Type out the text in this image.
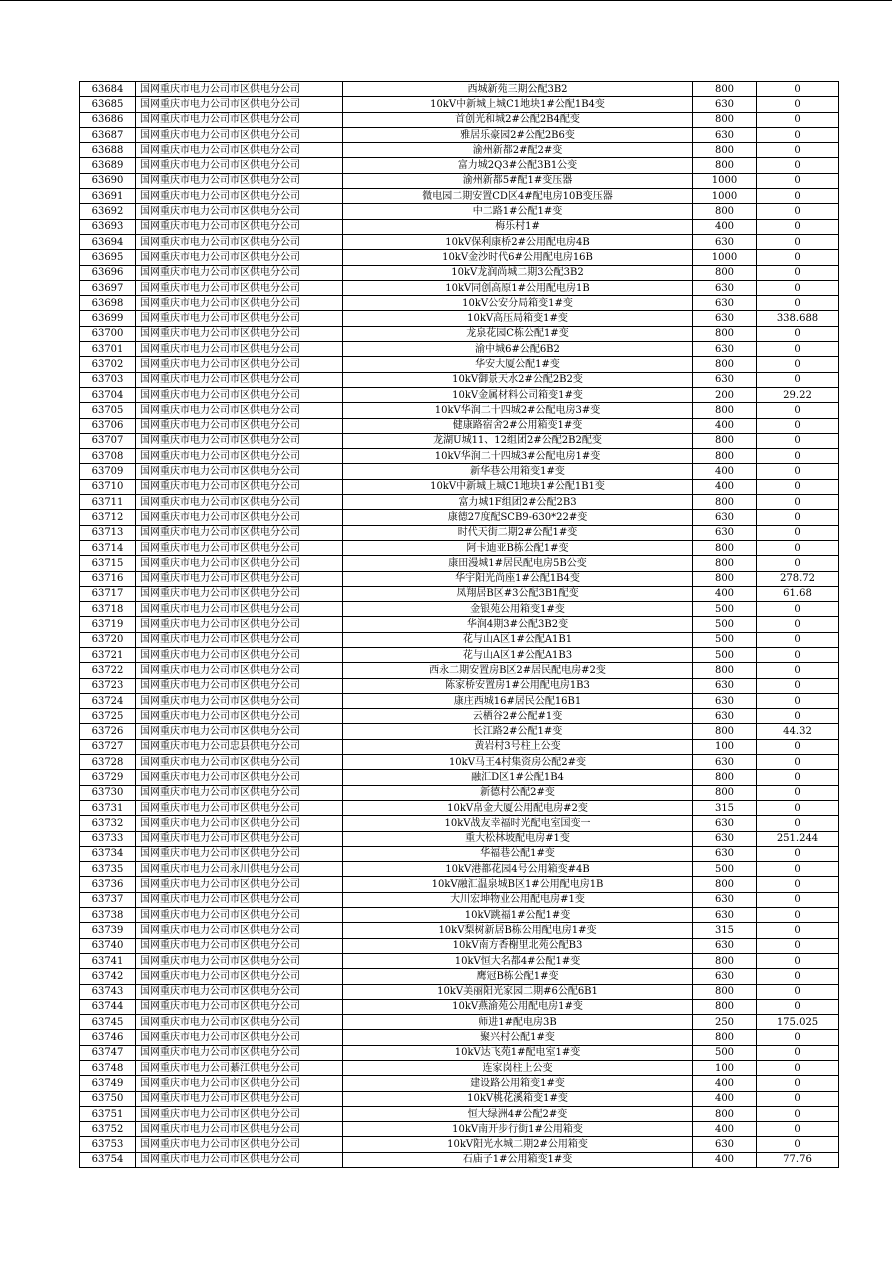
63684	国网重庆市电力公司市区供电分公司	西城新苑三期公配3B2	800	0
63685	国网重庆市电力公司市区供电分公司	10kV中新城上城C1地块1#公配1B4变	630	0
63686	国网重庆市电力公司市区供电分公司	首创光和城2#公配2B4配变	800	0
63687	国网重庆市电力公司市区供电分公司	雅居乐豪园2#公配2B6变	630	0
63688	国网重庆市电力公司市区供电分公司	渝州新都2#配2#变	800	0
63689	国网重庆市电力公司市区供电分公司	富力城2Q3#公配3B1公变	800	0
63690	国网重庆市电力公司市区供电分公司	渝州新都5#配1#变压器	1000	0
63691	国网重庆市电力公司市区供电分公司	微电园二期安置CD区4#配电房10B变压器	1000	0
63692	国网重庆市电力公司市区供电分公司	中二路1#公配1#变	800	0
63693	国网重庆市电力公司市区供电分公司	梅乐村1#	400	0
63694	国网重庆市电力公司市区供电分公司	10kV保利康桥2#公用配电房4B	630	0
63695	国网重庆市电力公司市区供电分公司	10kV金沙时代6#公用配电房16B	1000	0
63696	国网重庆市电力公司市区供电分公司	10kV龙润尚城二期3公配3B2	800	0
63697	国网重庆市电力公司市区供电分公司	10kV同创高原1#公用配电房1B	630	0
63698	国网重庆市电力公司市区供电分公司	10kV公安分局箱变1#变	630	0
63699	国网重庆市电力公司市区供电分公司	10kV高压局箱变1#变	630	338.688
63700	国网重庆市电力公司市区供电分公司	龙泉花园C栋公配1#变	800	0
63701	国网重庆市电力公司市区供电分公司	渝中城6#公配6B2	630	0
63702	国网重庆市电力公司市区供电分公司	华安大厦公配1#变	800	0
63703	国网重庆市电力公司市区供电分公司	10kV御景天水2#公配2B2变	630	0
63704	国网重庆市电力公司市区供电分公司	10kV金属材料公司箱变1#变	200	29.22
63705	国网重庆市电力公司市区供电分公司	10kV华润二十四城2#公配电房3#变	800	0
63706	国网重庆市电力公司市区供电分公司	健康路宿舍2#公用箱变1#变	400	0
63707	国网重庆市电力公司市区供电分公司	龙湖U城11、12组团2#公配2B2配变	800	0
63708	国网重庆市电力公司市区供电分公司	10kV华润二十四城3#公配电房1#变	800	0
63709	国网重庆市电力公司市区供电分公司	新华巷公用箱变1#变	400	0
63710	国网重庆市电力公司市区供电分公司	10kV中新城上城C1地块1#公配1B1变	400	0
63711	国网重庆市电力公司市区供电分公司	富力城1F组团2#公配2B3	800	0
63712	国网重庆市电力公司市区供电分公司	康德27度配SCB9-630*22#变	630	0
63713	国网重庆市电力公司市区供电分公司	时代天街二期2#公配1#变	630	0
63714	国网重庆市电力公司市区供电分公司	阿卡迪亚B栋公配1#变	800	0
63715	国网重庆市电力公司市区供电分公司	康田漫城1#居民配电房5B公变	800	0
63716	国网重庆市电力公司市区供电分公司	华宇阳光尚座1#公配1B4变	800	278.72
63717	国网重庆市电力公司市区供电分公司	凤翔居B区#3公配3B1配变	400	61.68
63718	国网重庆市电力公司市区供电分公司	金银苑公用箱变1#变	500	0
63719	国网重庆市电力公司市区供电分公司	华润4期3#公配3B2变	500	0
63720	国网重庆市电力公司市区供电分公司	花与山A区1#公配A1B1	500	0
63721	国网重庆市电力公司市区供电分公司	花与山A区1#公配A1B3	500	0
63722	国网重庆市电力公司市区供电分公司	西永二期安置房B区2#居民配电房#2变	800	0
63723	国网重庆市电力公司市区供电分公司	陈家桥安置房1#公用配电房1B3	630	0
63724	国网重庆市电力公司市区供电分公司	康庄西城16#居民公配16B1	630	0
63725	国网重庆市电力公司市区供电分公司	云栖谷2#公配#1变	630	0
63726	国网重庆市电力公司市区供电分公司	长江路2#公配1#变	800	44.32
63727	国网重庆市电力公司忠县供电分公司	黄岩村3号柱上公变	100	0
63728	国网重庆市电力公司市区供电分公司	10kV马王4村集资房公配2#变	630	0
63729	国网重庆市电力公司市区供电分公司	融汇D区1#公配1B4	800	0
63730	国网重庆市电力公司市区供电分公司	新德村公配2#变	800	0
63731	国网重庆市电力公司市区供电分公司	10kV帛金大厦公用配电房#2变	315	0
63732	国网重庆市电力公司市区供电分公司	10kV战友幸福时光配电室国变一	630	0
63733	国网重庆市电力公司市区供电分公司	重大松林坡配电房#1变	630	251.244
63734	国网重庆市电力公司市区供电分公司	华福巷公配1#变	630	0
63735	国网重庆市电力公司永川供电分公司	10kV港都花园4号公用箱变#4B	500	0
63736	国网重庆市电力公司市区供电分公司	10kV融汇温泉城B区1#公用配电房1B	800	0
63737	国网重庆市电力公司市区供电分公司	大川宏坤物业公用配电房#1变	630	0
63738	国网重庆市电力公司市区供电分公司	10kV跳福1#公配1#变	630	0
63739	国网重庆市电力公司市区供电分公司	10kV梨树新居B栋公用配电房1#变	315	0
63740	国网重庆市电力公司市区供电分公司	10kV南方香榭里北苑公配B3	630	0
63741	国网重庆市电力公司市区供电分公司	10kV恒大名都4#公配1#变	800	0
63742	国网重庆市电力公司市区供电分公司	鹰冠B栋公配1#变	630	0
63743	国网重庆市电力公司市区供电分公司	10kV美丽阳光家园二期#6公配6B1	800	0
63744	国网重庆市电力公司市区供电分公司	10kV燕渝苑公用配电房1#变	800	0
63745	国网重庆市电力公司市区供电分公司	师进1#配电房3B	250	175.025
63746	国网重庆市电力公司市区供电分公司	聚兴村公配1#变	800	0
63747	国网重庆市电力公司市区供电分公司	10kV达飞苑1#配电室1#变	500	0
63748	国网重庆市电力公司綦江供电分公司	连家岗柱上公变	100	0
63749	国网重庆市电力公司市区供电分公司	建设路公用箱变1#变	400	0
63750	国网重庆市电力公司市区供电分公司	10kV桃花溪箱变1#变	400	0
63751	国网重庆市电力公司市区供电分公司	恒大绿洲4#公配2#变	800	0
63752	国网重庆市电力公司市区供电分公司	10kV南开步行街1#公用箱变	400	0
63753	国网重庆市电力公司市区供电分公司	10kV阳光水城二期2#公用箱变	630	0
63754	国网重庆市电力公司市区供电分公司	石庙子1#公用箱变1#变	400	77.76
